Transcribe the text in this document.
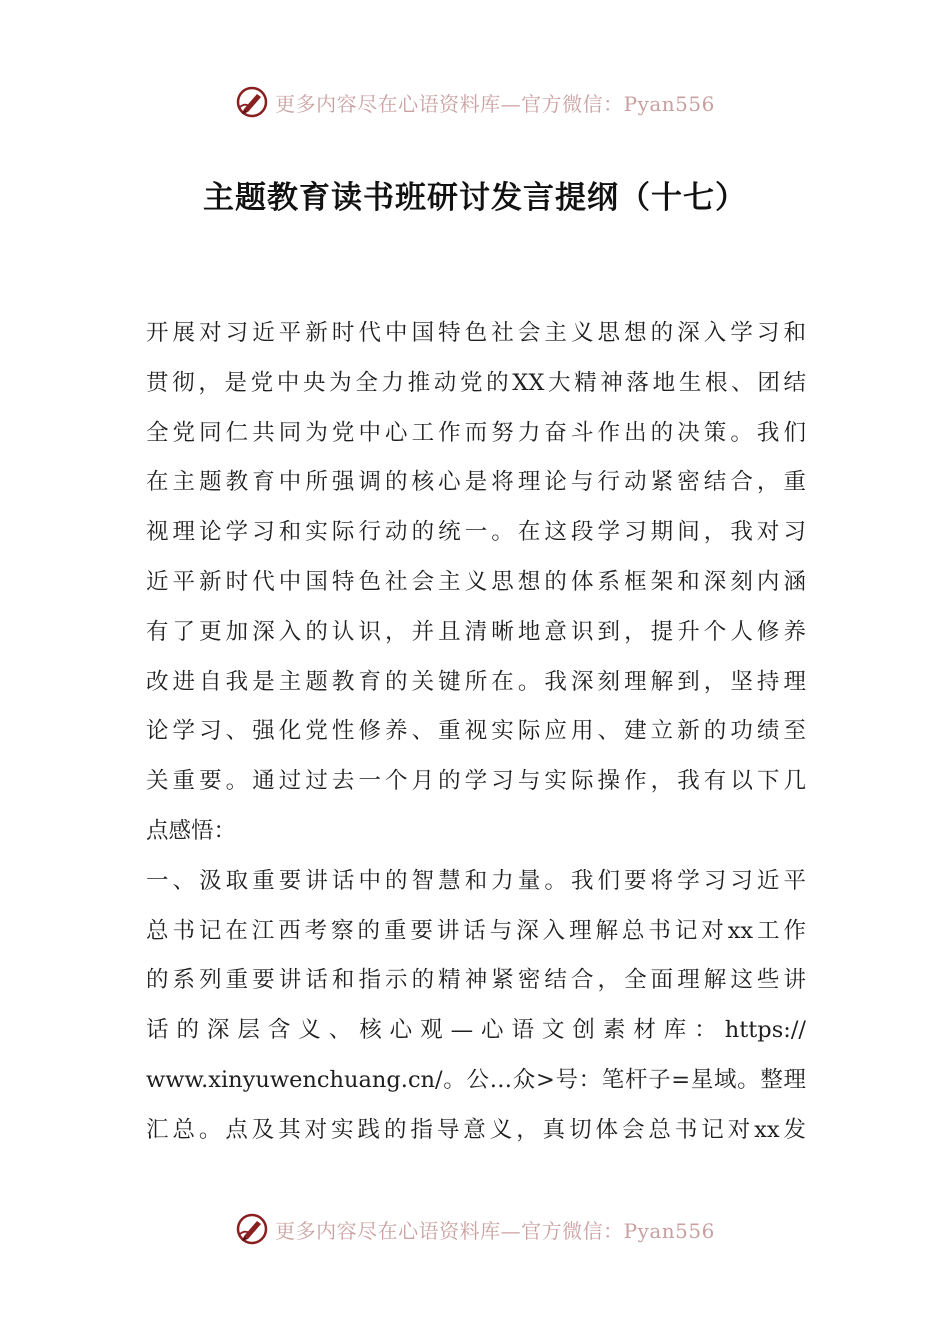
更多内容尽在心语资料库—官方微信：Pyan556
主题教育读书班研讨发言提纲（十七）
开展对习近平新时代中国特色社会主义思想的深入学习和
贯彻，是党中央为全力推动党的XX大精神落地生根、团结
全党同仁共同为党中心工作而努力奋斗作出的决策。我们
在主题教育中所强调的核心是将理论与行动紧密结合，重
视理论学习和实际行动的统一。在这段学习期间，我对习
近平新时代中国特色社会主义思想的体系框架和深刻内涵
有了更加深入的认识，并且清晰地意识到，提升个人修养
改进自我是主题教育的关键所在。我深刻理解到，坚持理
论学习、强化党性修养、重视实际应用、建立新的功绩至
关重要。通过过去一个月的学习与实际操作，我有以下几
点感悟：
一、汲取重要讲话中的智慧和力量。我们要将学习习近平
总书记在江西考察的重要讲话与深入理解总书记对xx工作
的系列重要讲话和指示的精神紧密结合，全面理解这些讲
话的深层含义、核心观—心语文创素材库：https://
www.xinyuwenchuang.cn/。公…众>号：笔杆子=星域。整理
汇总。点及其对实践的指导意义，真切体会总书记对xx发
更多内容尽在心语资料库—官方微信：Pyan556
